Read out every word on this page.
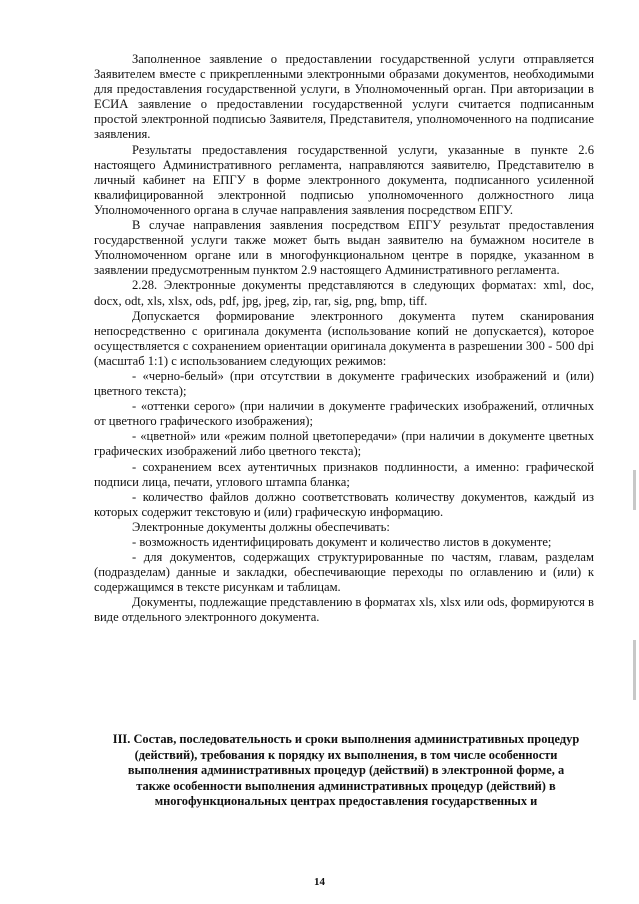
Заполненное заявление о предоставлении государственной услуги отправляется Заявителем вместе с прикрепленными электронными образами документов, необходимыми для предоставления государственной услуги, в Уполномоченный орган. При авторизации в ЕСИА заявление о предоставлении государственной услуги считается подписанным простой электронной подписью Заявителя, Представителя, уполномоченного на подписание заявления.

Результаты предоставления государственной услуги, указанные в пункте 2.6 настоящего Административного регламента, направляются заявителю, Представителю в личный кабинет на ЕПГУ в форме электронного документа, подписанного усиленной квалифицированной электронной подписью уполномоченного должностного лица Уполномоченного органа в случае направления заявления посредством ЕПГУ.

В случае направления заявления посредством ЕПГУ результат предоставления государственной услуги также может быть выдан заявителю на бумажном носителе в Уполномоченном органе или в многофункциональном центре в порядке, указанном в заявлении предусмотренным пунктом 2.9 настоящего Административного регламента.

2.28. Электронные документы представляются в следующих форматах: xml, doc, docx, odt, xls, xlsx, ods, pdf, jpg, jpeg, zip, rar, sig, png, bmp, tiff.

Допускается формирование электронного документа путем сканирования непосредственно с оригинала документа (использование копий не допускается), которое осуществляется с сохранением ориентации оригинала документа в разрешении 300 - 500 dpi (масштаб 1:1) с использованием следующих режимов:

- «черно-белый» (при отсутствии в документе графических изображений и (или) цветного текста);

- «оттенки серого» (при наличии в документе графических изображений, отличных от цветного графического изображения);

- «цветной» или «режим полной цветопередачи» (при наличии в документе цветных графических изображений либо цветного текста);

- сохранением всех аутентичных признаков подлинности, а именно: графической подписи лица, печати, углового штампа бланка;

- количество файлов должно соответствовать количеству документов, каждый из которых содержит текстовую и (или) графическую информацию.

Электронные документы должны обеспечивать:

- возможность идентифицировать документ и количество листов в документе;

- для документов, содержащих структурированные по частям, главам, разделам (подразделам) данные и закладки, обеспечивающие переходы по оглавлению и (или) к содержащимся в тексте рисункам и таблицам.

Документы, подлежащие представлению в форматах xls, xlsx или ods, формируются в виде отдельного электронного документа.

III. Состав, последовательность и сроки выполнения административных процедур (действий), требования к порядку их выполнения, в том числе особенности выполнения административных процедур (действий) в электронной форме, а также особенности выполнения административных процедур (действий) в многофункциональных центрах предоставления государственных и
14
